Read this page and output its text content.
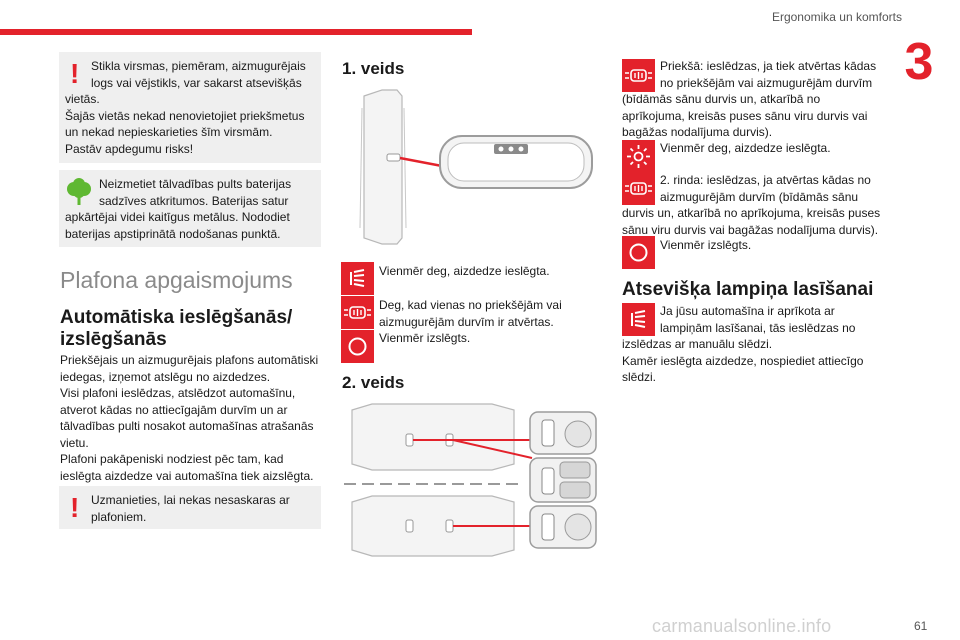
Ergonomika un komforts
3
! Stikla virsmas, piemēram, aizmugurējais
logs vai vējstikls, var sakarst atsevišķās
vietās.
Šajās vietās nekad nenovietojiet priekšmetus un nekad nepieskarieties šīm virsmām.
Pastāv apdegumu risks!
Neizmetiet tālvadības pults baterijas
sadzīves atkritumos. Baterijas satur
apkārtējai videi kaitīgus metālus. Nododiet baterijas apstiprinātā nodošanas punktā.
Plafona apgaismojums
Automātiska ieslēgšanās/ izslēgšanās
Priekšējais un aizmugurējais plafons automātiski iedegas, izņemot atslēgu no aizdedzes.
Visi plafoni ieslēdzas, atslēdzot automašīnu, atverot kādas no attiecīgajām durvīm un ar tālvadības pulti nosakot automašīnas atrašanās vietu.
Plafoni pakāpeniski nodziest pēc tam, kad ieslēgta aizdedze vai automašīna tiek aizslēgta.
! Uzmanieties, lai nekas nesaskaras ar plafoniem.
1. veids
Vienmēr deg, aizdedze ieslēgta.
Deg, kad vienas no priekšējām vai aizmugurējām durvīm ir atvērtas.
Vienmēr izslēgts.
2. veids
Priekšā: ieslēdzas, ja tiek atvērtas kādas
no priekšējām vai aizmugurējām durvīm
(bīdāmās sānu durvis un, atkarībā no aprīkojuma, kreisās puses sānu viru durvis vai bagāžas nodalījuma durvis).
Vienmēr deg, aizdedze ieslēgta.
2. rinda: ieslēdzas, ja atvērtas kādas no
aizmugurējām durvīm (bīdāmās sānu
durvis un, atkarībā no aprīkojuma, kreisās puses sānu viru durvis vai bagāžas nodalījuma durvis).
Vienmēr izslēgts.
Atsevišķa lampiņa lasīšanai
Ja jūsu automašīna ir aprīkota ar
lampiņām lasīšanai, tās ieslēdzas no
izslēdzas ar manuālu slēdzi.
Kamēr ieslēgta aizdedze, nospiediet attiecīgo slēdzi.
carmanualsonline.info	61
